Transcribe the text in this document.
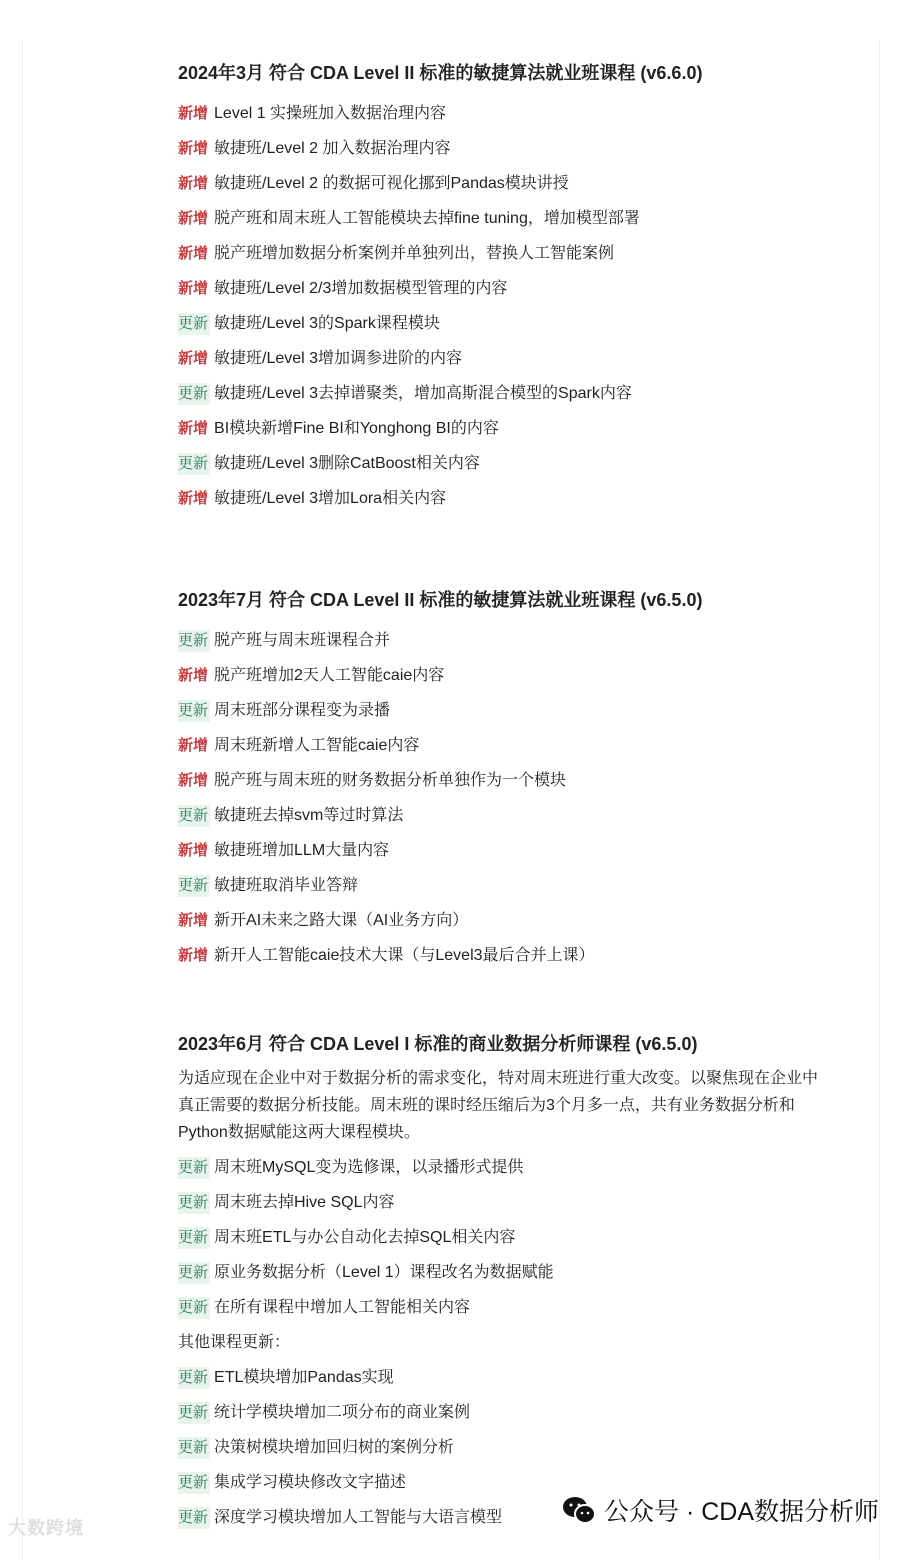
2024年3月 符合 CDA Level II 标准的敏捷算法就业班课程 (v6.6.0)
新增 Level 1 实操班加入数据治理内容
新增 敏捷班/Level 2 加入数据治理内容
新增 敏捷班/Level 2 的数据可视化挪到Pandas模块讲授
新增 脱产班和周末班人工智能模块去掉fine tuning，增加模型部署
新增 脱产班增加数据分析案例并单独列出，替换人工智能案例
新增 敏捷班/Level 2/3增加数据模型管理的内容
更新 敏捷班/Level 3的Spark课程模块
新增 敏捷班/Level 3增加调参进阶的内容
更新 敏捷班/Level 3去掉谱聚类，增加高斯混合模型的Spark内容
新增 BI模块新增Fine BI和Yonghong BI的内容
更新 敏捷班/Level 3删除CatBoost相关内容
新增 敏捷班/Level 3增加Lora相关内容
2023年7月 符合 CDA Level II 标准的敏捷算法就业班课程 (v6.5.0)
更新 脱产班与周末班课程合并
新增 脱产班增加2天人工智能caie内容
更新 周末班部分课程变为录播
新增 周末班新增人工智能caie内容
新增 脱产班与周末班的财务数据分析单独作为一个模块
更新 敏捷班去掉svm等过时算法
新增 敏捷班增加LLM大量内容
更新 敏捷班取消毕业答辩
新增 新开AI未来之路大课（AI业务方向）
新增 新开人工智能caie技术大课（与Level3最后合并上课）
2023年6月 符合 CDA Level I 标准的商业数据分析师课程 (v6.5.0)
为适应现在企业中对于数据分析的需求变化，特对周末班进行重大改变。以聚焦现在企业中真正需要的数据分析技能。周末班的课时经压缩后为3个月多一点，共有业务数据分析和Python数据赋能这两大课程模块。
更新 周末班MySQL变为选修课，以录播形式提供
更新 周末班去掉Hive SQL内容
更新 周末班ETL与办公自动化去掉SQL相关内容
更新 原业务数据分析（Level 1）课程改名为数据赋能
更新 在所有课程中增加人工智能相关内容
其他课程更新：
更新 ETL模块增加Pandas实现
更新 统计学模块增加二项分布的商业案例
更新 决策树模块增加回归树的案例分析
更新 集成学习模块修改文字描述
更新 深度学习模块增加人工智能与大语言模型
大数跨境
公众号 · CDA数据分析师
